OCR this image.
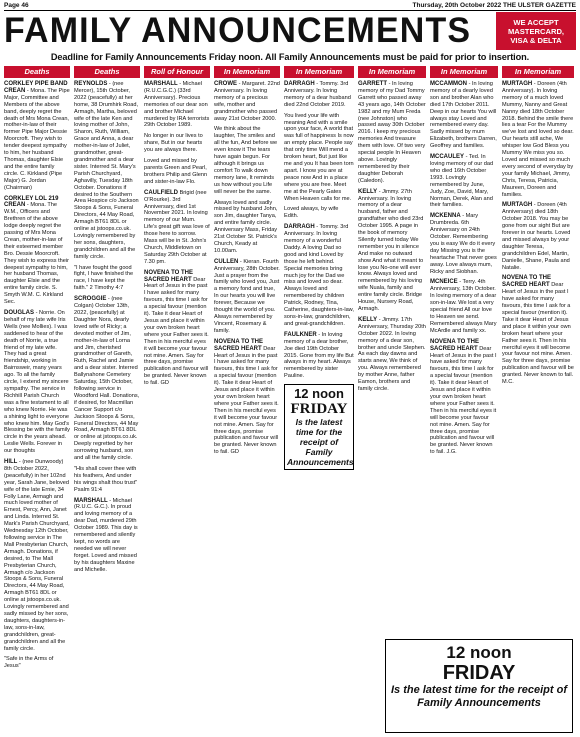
Page 46	Thursday, 20th October 2022 THE ULSTER GAZETTE
FAMILY ANNOUNCEMENTS	WE ACCEPT
MASTERCARD,
VISA & DELTA
Deadline for Family Announcements Friday noon. All Family Announcements must be paid for prior to insertion.
Deaths
CORKLEY PIPE BAND CREAN - Mona. The Pipe Major, Committee and Members of the above band, deeply regret the death of Mrs Mona Crean, mother-in-law of their former Pipe Major Dessie Moorcroft. They wish to tender deepest sympathy to him, her husband Thomas, daughter Elsie and the entire family circle. C. Kirkland (Pipe Major) G. Jordan (Chairman)
CORKLEY LOL 219 CREAN - Mona. The W.M., Officers and Brethren of the above lodge deeply regret the passing of Mrs Mona Crean, mother-in-law of their esteemed member Bro. Dessie Moorcroft. They wish to express their deepest sympathy to him, her husband Thomas, daughter Elsie and the entire family circle. S. Smyth W.M. C. Kirkland Sec.
DOUGLAS - Norrie. On behalf of my late wife Iris Wells (nee Mollies). I was saddened to hear of the death of Norrie, a true friend of my late wife. They had a great friendship, working in Bairnsweir, many years ago. To all the family circle, I extend my sincere sympathy. The service in Richhill Parish Church was a fine testament to all who knew Norrie. He was a shining light to everyone who knew him. May God's Blessing be with the family circle in the years ahead. Leslie Wells. Forever in our thoughts
HILL - (nee Dunwoody) 8th October 2022, (peacefully) in her 102nd year, Sarah Jane, beloved wife of the late Ernie, 34 Folly Lane, Armagh and much loved mother of Ernest, Percy, Ann, Janet and Linda. Interred St. Mark's Parish Churchyard, Wednesday 12th October, following service in The Mall Presbyterian Church, Armagh. Donations, if desired, to The Mall Presbyterian Church, Armagh c/o Jackson Stoops & Sons, Funeral Directors, 44 May Road, Armagh BT61 8DL or online at jstoops.co.uk. Lovingly remembered and sadly missed by her sons, daughters, daughters-in-law, sons-in-law, grandchildren, great-grandchildren and all the family circle.
"Safe in the Arms of Jesus"
Deaths
REYNOLDS - (nee Mercer), 15th October, 2022 (peacefully) at her home, 38 Drumhirk Road, Armagh, Martha, beloved wife of the late Ken and loving mother of John, Sharon, Ruth, William, Grace and Anna, a dear mother-in-law of Juliet, grandmother, great-grandmother and a dear sister. Interred St. Mary's Parish Churchyard, Aghavilly, Tuesday 18th October. Donations if desired to the Southern Area Hospice c/o Jackson Stoops & Sons, Funeral Directors, 44 May Road, Armagh BT61 8DL or online at jstoops.co.uk. Lovingly remembered by her sons, daughters, grandchildren and all the family circle.
"I have fought the good fight, I have finished the race, I have kept the faith." 2 Timothy 4:7
SCROGGIE - (nee Colgan) October 13th, 2022, (peacefully) at Daughter Nora, dearly loved wife of Ricky; a devoted mother of Jim, mother-in-law of Lorna and Jim, cherished grandmother of Gareth, Ruth, Rachel and Jamie and a dear sister. Interred Ballynahone Cemetery Saturday, 15th October, following service in Woodford Hall. Donations, if desired, for Macmillan Cancer Support c/o Jackson Stoops & Sons, Funeral Directors, 44 May Road, Armagh BT61 8DL or online at jstoops.co.uk. Deeply regretted by her sorrowing husband, son and all the family circle.
"His shall cover thee with his feathers, And under his wings shalt thou trust" Psalm 91:4
MARSHALL - Michael (R.U.C. G.C.). In proud and loving memory of a dear Dad, murdered 29th October 1989. This day is remembered and silently kept, no words are needed we will never forget. Loved and missed by his daughters Maxine and Michelle.
Roll of Honour
MARSHALL - Michael (R.U.C.G.C.) (33rd Anniversary). Precious memories of our dear son and brother Michael murdered by IRA terrorists 29th October 1989.
No longer in our lives to share, But in our hearts you are always there.
Loved and missed by parents Green and Pearl, brothers Philip and Glenn and sister-in-law Flo.
CAULFIELD Brigid (nee O'Rourke). 3rd Anniversary, died 1st November 2021. In loving memory of our Mum. Life's great gift was love of those here to sorrow. Mass will be in St. John's Church, Middletown on Saturday 29th October at 7.30 pm.
NOVENA TO THE SACRED HEART Dear Heart of Jesus in the past I have asked for many favours, this time I ask for a special favour (mention it). Take it dear Heart of Jesus and place it within your own broken heart where your Father sees it. Then in his merciful eyes it will become your favour not mine. Amen. Say for three days, promise publication and favour will be granted. Never known to fail. GD
In Memoriam
CROWE - Margaret. 22nd Anniversary. In loving memory of a precious wife, mother and grandmother who passed away 21st October 2000.
We think about the laughter, The smiles and all the fun, And before we even know it The tears have again begun. For although it brings us comfort To walk down memory lane, It reminds us how without you Life will never be the same.
Always loved and sadly missed by husband John, son Jim, daughter Tanya, and entire family circle. Anniversary Mass, Friday 21st October St. Patrick's Church, Keady at 10.00am.
CULLEN - Kieran. Fourth Anniversary, 28th October. Just a prayer from the family who loved you, Just a memory fond and true, In our hearts you will live forever, Because we thought the world of you. Always remembered by Vincent, Rosemary & family.
NOVENA TO THE SACRED HEART Dear Heart of Jesus in the past I have asked for many favours, this time I ask for a special favour (mention it). Take it dear Heart of Jesus and place it within your own broken heart where your Father sees it. Then in his merciful eyes it will become your favour not mine. Amen. Say for three days, promise publication and favour will be granted. Never known to fail. GD
In Memoriam
DARRAGH - Tommy. 3rd Anniversary. In loving memory of a dear husband died 22nd October 2019.
You lived your life with meaning And with a smile upon your face, A world that was full of happiness Is now an empty place. People say that only time Will mend a broken heart, But just like me and you It has been torn apart. I know you are at peace now And in a place where you are free. Meet me at the Pearly Gates When Heaven calls for me.
Loved always, by wife Edith.
DARRAGH - Tommy. 3rd Anniversary. In loving memory of a wonderful Daddy. A loving Dad so good and kind Loved by those he left behind. Special memories bring much joy for the Dad we miss and loved so dear. Always loved and remembered by children Patrick, Rodney, Tina, Catherine, daughters-in-law, sons-in-law, grandchildren, and great-grandchildren.
FAULKNER - In loving memory of a dear brother, Joe died 19th October 2015. Gone from my life But always in my heart. Always remembered by sister Pauline.
12 noon
FRIDAY
Is the latest time for the receipt of Family Announcements
In Memoriam
GARRETT - In loving memory of my Dad Tommy Garrett who passed away 43 years ago, 14th October 1982 and my Mum Freda (nee Johnston) who passed away 30th October 2016. I keep my precious memories And treasure them with love. Of two very special people In Heaven above. Lovingly remembered by their daughter Deborah (Caledon).
KELLY - Jimmy. 27th Anniversary. In loving memory of a dear husband, father and grandfather who died 23rd October 1995. A page in the book of memory Silently turned today We remember you in silence And make no outward show And what it meant to lose you No-one will ever know. Always loved and remembered by his loving wife Nuala, family and entire family circle. Bridge House, Nursery Road, Armagh.
KELLY - Jimmy. 17th Anniversary, Thursday 20th October 2022. In loving memory of a dear son, brother and uncle Stephen. As each day dawns and starts anew, We think of you. Always remembered by mother Anne, father Eamon, brothers and family circle.
In Memoriam
MCCAMMON - In loving memory of a dearly loved son and brother Alan who died 17th October 2011. Deep in our hearts You will always stay Loved and remembered every day. Sadly missed by mum Elizabeth, brothers Darren, Geoffrey and families.
MCCAULEY - Ted. In loving memory of our dad who died 16th October 1993. Lovingly remembered by June, Judy, Zoe, David, Mary, Norman, Derek, Alan and their families.
MCKENNA - Mary Drumbreda. 6th Anniversary on 24th October. Remembering you is easy We do it every day Missing you is the heartache That never goes away. Love always mum, Ricky and Siobhan.
MCNEICE - Terry. 4th Anniversary, 13th October. In loving memory of a dear son-in-law. We lost a very special friend All our love to Heaven we send. Remembered always Mary McArdle and family xx.
NOVENA TO THE SACRED HEART Dear Heart of Jesus in the past I have asked for many favours, this time I ask for a special favour (mention it). Take it dear Heart of Jesus and place it within your own broken heart where your Father sees it. Then in his merciful eyes it will become your favour not mine. Amen. Say for three days, promise publication and favour will be granted. Never known to fail. J.G.
In Memoriam
MURTAGH - Doreen (4th Anniversary). In loving memory of a much loved Mummy, Nanny and Great Nanny died 18th October 2018. Behind the smile there lies a tear For the Mummy we've lost and loved so dear. Our hearts still ache, We whisper low God Bless you Mummy We miss you so. Loved and missed so much every second of everyday by your family Michael, Jimmy, Chris, Teresa, Patricia, Maureen, Doreen and families.
MURTAGH - Doreen (4th Anniversary) died 18th October 2018. You may be gone from our sight But are forever in our hearts. Loved and missed always by your daughter Teresa, grandchildren Edel, Martin, Danielle, Shane, Paula and Natalie.
NOVENA TO THE SACRED HEART Dear Heart of Jesus in the past I have asked for many favours, this time I ask for a special favour (mention it). Take it dear Heart of Jesus and place it within your own broken heart where your Father sees it. Then in his merciful eyes it will become your favour not mine. Amen. Say for three days, promise publication and favour will be granted. Never known to fail. M.C.
12 noon
FRIDAY
Is the latest time for the receipt of Family Announcements
